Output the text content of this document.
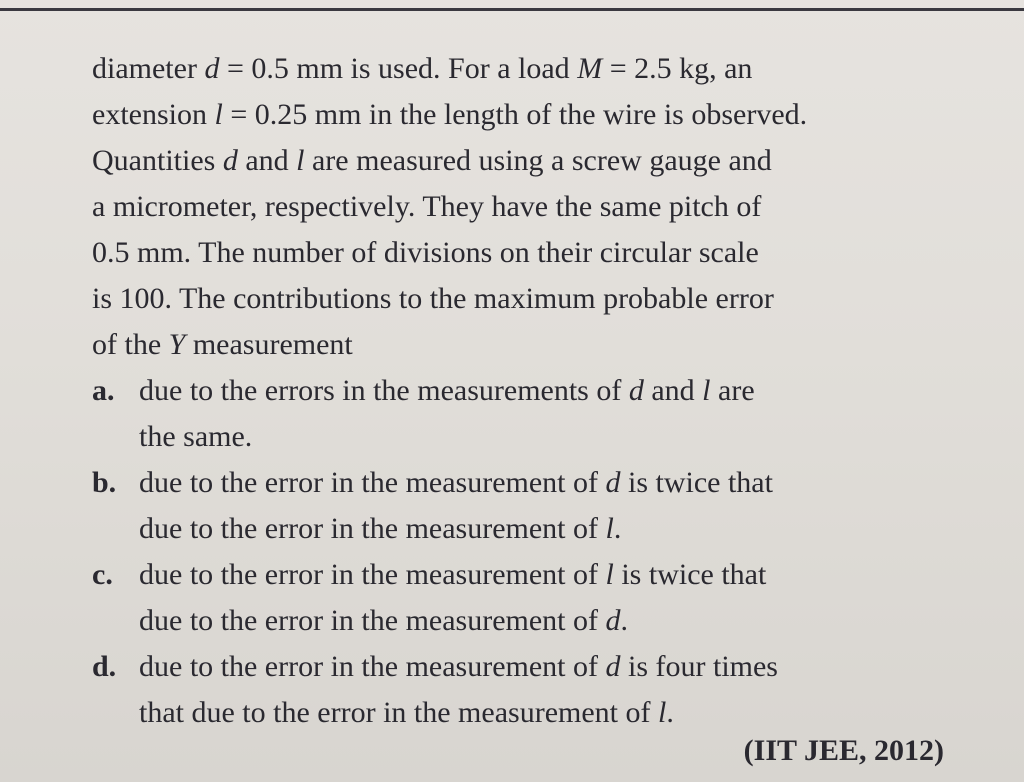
diameter d = 0.5 mm is used. For a load M = 2.5 kg, an
extension l = 0.25 mm in the length of the wire is observed.
Quantities d and l are measured using a screw gauge and
a micrometer, respectively. They have the same pitch of
0.5 mm. The number of divisions on their circular scale
is 100. The contributions to the maximum probable error
of the Y measurement

a. due to the errors in the measurements of d and l are
the same.
b. due to the error in the measurement of d is twice that
due to the error in the measurement of l.
c. due to the error in the measurement of l is twice that
due to the error in the measurement of d.
d. due to the error in the measurement of d is four times
that due to the error in the measurement of l.
(IIT JEE, 2012)
